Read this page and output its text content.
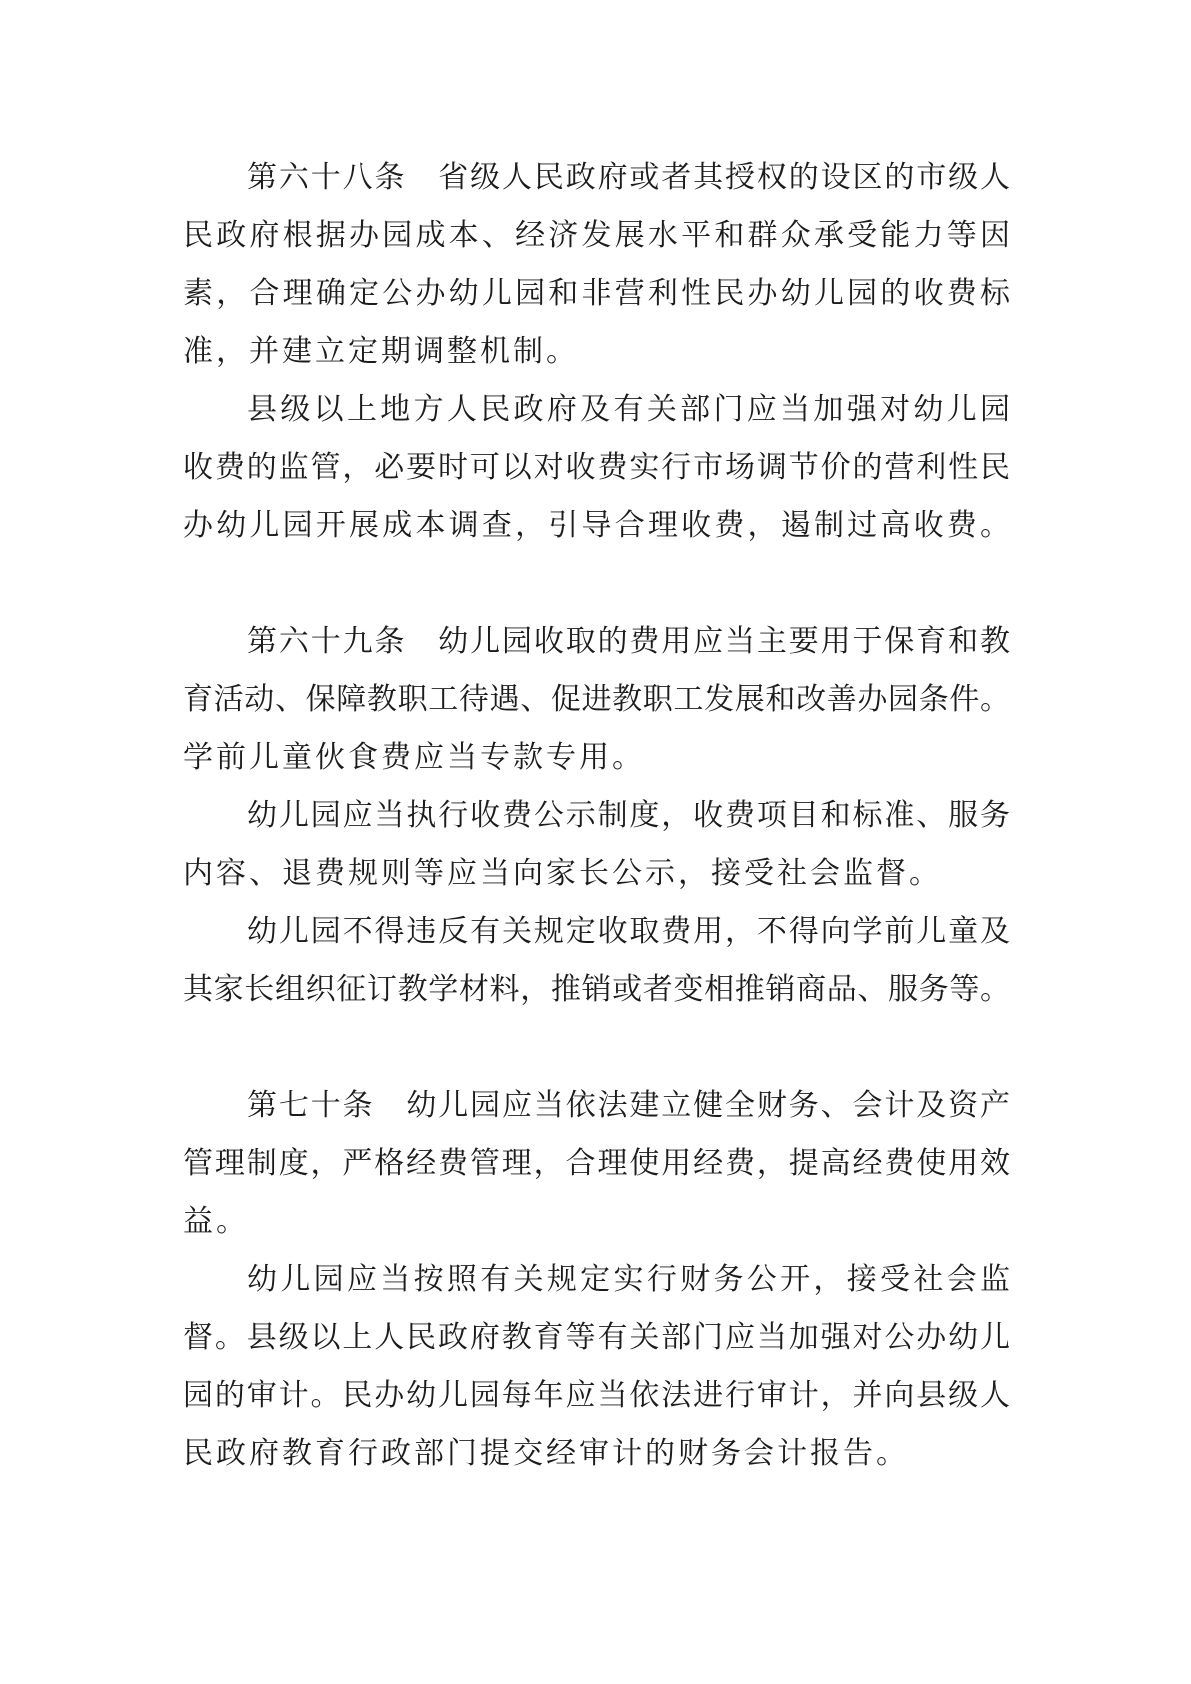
第六十八条　省级人民政府或者其授权的设区的市级人
民政府根据办园成本、经济发展水平和群众承受能力等因
素，合理确定公办幼儿园和非营利性民办幼儿园的收费标
准，并建立定期调整机制。
县级以上地方人民政府及有关部门应当加强对幼儿园
收费的监管，必要时可以对收费实行市场调节价的营利性民
办幼儿园开展成本调查，引导合理收费，遏制过高收费。
第六十九条　幼儿园收取的费用应当主要用于保育和教
育活动、保障教职工待遇、促进教职工发展和改善办园条件。
学前儿童伙食费应当专款专用。
幼儿园应当执行收费公示制度，收费项目和标准、服务
内容、退费规则等应当向家长公示，接受社会监督。
幼儿园不得违反有关规定收取费用，不得向学前儿童及
其家长组织征订教学材料，推销或者变相推销商品、服务等。
第七十条　幼儿园应当依法建立健全财务、会计及资产
管理制度，严格经费管理，合理使用经费，提高经费使用效
益。
幼儿园应当按照有关规定实行财务公开，接受社会监
督。县级以上人民政府教育等有关部门应当加强对公办幼儿
园的审计。民办幼儿园每年应当依法进行审计，并向县级人
民政府教育行政部门提交经审计的财务会计报告。
